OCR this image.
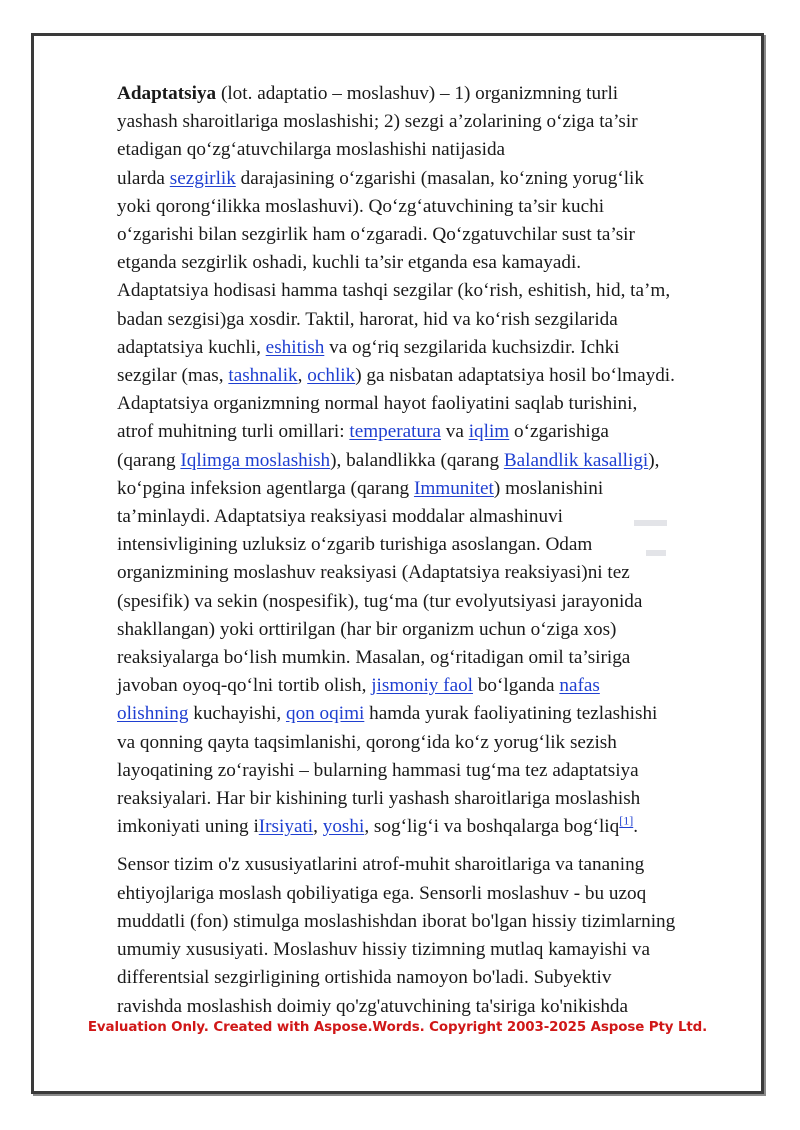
Adaptatsiya (lot. adaptatio – moslashuv) – 1) organizmning turli
yashash sharoitlariga moslashishi; 2) sezgi a’zolarining o‘ziga ta’sir
etadigan qo‘zg‘atuvchilarga moslashishi natijasida
ularda sezgirlik darajasining o‘zgarishi (masalan, ko‘zning yorug‘lik
yoki qorong‘ilikka moslashuvi). Qo‘zg‘atuvchining ta’sir kuchi
o‘zgarishi bilan sezgirlik ham o‘zgaradi. Qo‘zgatuvchilar sust ta’sir
etganda sezgirlik oshadi, kuchli ta’sir etganda esa kamayadi.
Adaptatsiya hodisasi hamma tashqi sezgilar (ko‘rish, eshitish, hid, ta’m,
badan sezgisi)ga xosdir. Taktil, harorat, hid va ko‘rish sezgilarida
adaptatsiya kuchli, eshitish va og‘riq sezgilarida kuchsizdir. Ichki
sezgilar (mas, tashnalik, ochlik) ga nisbatan adaptatsiya hosil bo‘lmaydi.
Adaptatsiya organizmning normal hayot faoliyatini saqlab turishini,
atrof muhitning turli omillari: temperatura va iqlim o‘zgarishiga
(qarang Iqlimga moslashish), balandlikka (qarang Balandlik kasalligi),
ko‘pgina infeksion agentlarga (qarang Immunitet) moslanishini
ta’minlaydi. Adaptatsiya reaksiyasi moddalar almashinuvi
intensivligining uzluksiz o‘zgarib turishiga asoslangan. Odam
organizmining moslashuv reaksiyasi (Adaptatsiya reaksiyasi)ni tez
(spesifik) va sekin (nospesifik), tug‘ma (tur evolyutsiyasi jarayonida
shakllangan) yoki orttirilgan (har bir organizm uchun o‘ziga xos)
reaksiyalarga bo‘lish mumkin. Masalan, og‘ritadigan omil ta’siriga
javoban oyoq-qo‘lni tortib olish, jismoniy faol bo‘lganda nafas
olishning kuchayishi, qon oqimi hamda yurak faoliyatining tezlashishi
va qonning qayta taqsimlanishi, qorong‘ida ko‘z yorug‘lik sezish
layoqatining zo‘rayishi – bularning hammasi tug‘ma tez adaptatsiya
reaksiyalari. Har bir kishining turli yashash sharoitlariga moslashish
imkoniyati uning iIrsiyati, yoshi, sog‘lig‘i va boshqalarga bog‘liq[1].

Sensor tizim o'z xususiyatlarini atrof-muhit sharoitlariga va tananing
ehtiyojlariga moslash qobiliyatiga ega. Sensorli moslashuv - bu uzoq
muddatli (fon) stimulga moslashishdan iborat bo'lgan hissiy tizimlarning
umumiy xususiyati. Moslashuv hissiy tizimning mutlaq kamayishi va
differentsial sezgirligining ortishida namoyon bo'ladi. Subyektiv
ravishda moslashish doimiy qo'zg'atuvchining ta'siriga ko'nikishda

Evaluation Only. Created with Aspose.Words. Copyright 2003-2025 Aspose Pty Ltd.
